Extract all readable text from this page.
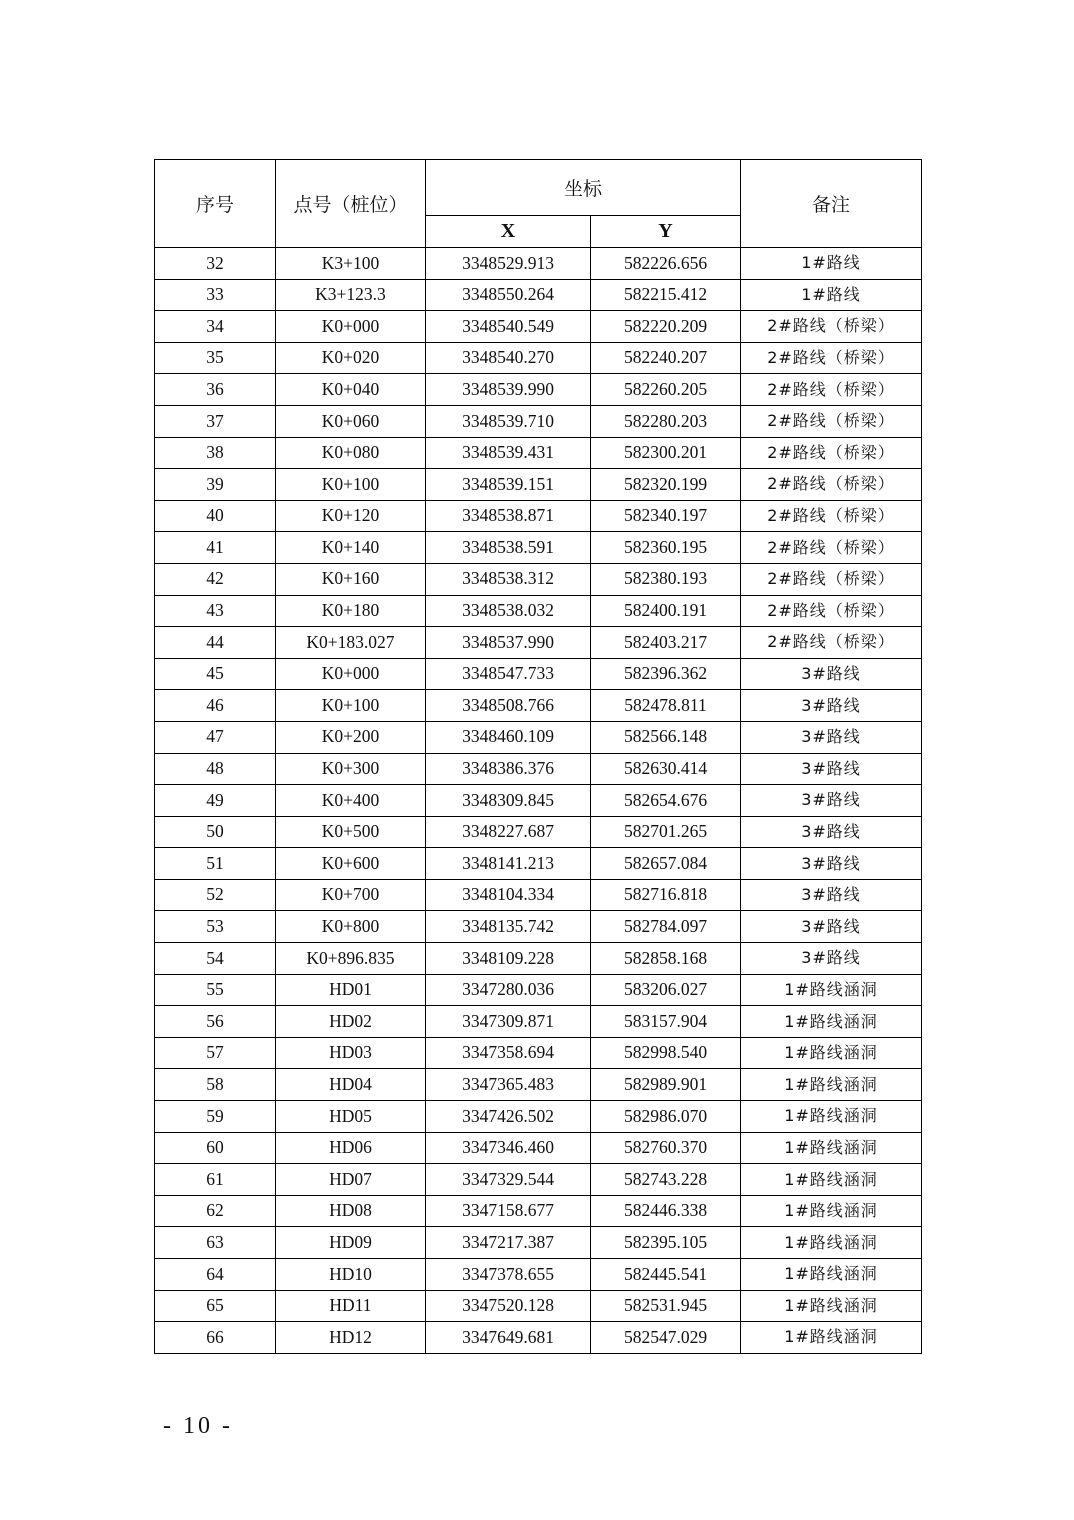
序号	点号（桩位）	坐标		备注
		X	Y	
32	K3+100	3348529.913	582226.656	1#路线
33	K3+123.3	3348550.264	582215.412	1#路线
34	K0+000	3348540.549	582220.209	2#路线（桥梁）
35	K0+020	3348540.270	582240.207	2#路线（桥梁）
36	K0+040	3348539.990	582260.205	2#路线（桥梁）
37	K0+060	3348539.710	582280.203	2#路线（桥梁）
38	K0+080	3348539.431	582300.201	2#路线（桥梁）
39	K0+100	3348539.151	582320.199	2#路线（桥梁）
40	K0+120	3348538.871	582340.197	2#路线（桥梁）
41	K0+140	3348538.591	582360.195	2#路线（桥梁）
42	K0+160	3348538.312	582380.193	2#路线（桥梁）
43	K0+180	3348538.032	582400.191	2#路线（桥梁）
44	K0+183.027	3348537.990	582403.217	2#路线（桥梁）
45	K0+000	3348547.733	582396.362	3#路线
46	K0+100	3348508.766	582478.811	3#路线
47	K0+200	3348460.109	582566.148	3#路线
48	K0+300	3348386.376	582630.414	3#路线
49	K0+400	3348309.845	582654.676	3#路线
50	K0+500	3348227.687	582701.265	3#路线
51	K0+600	3348141.213	582657.084	3#路线
52	K0+700	3348104.334	582716.818	3#路线
53	K0+800	3348135.742	582784.097	3#路线
54	K0+896.835	3348109.228	582858.168	3#路线
55	HD01	3347280.036	583206.027	1#路线涵洞
56	HD02	3347309.871	583157.904	1#路线涵洞
57	HD03	3347358.694	582998.540	1#路线涵洞
58	HD04	3347365.483	582989.901	1#路线涵洞
59	HD05	3347426.502	582986.070	1#路线涵洞
60	HD06	3347346.460	582760.370	1#路线涵洞
61	HD07	3347329.544	582743.228	1#路线涵洞
62	HD08	3347158.677	582446.338	1#路线涵洞
63	HD09	3347217.387	582395.105	1#路线涵洞
64	HD10	3347378.655	582445.541	1#路线涵洞
65	HD11	3347520.128	582531.945	1#路线涵洞
66	HD12	3347649.681	582547.029	1#路线涵洞
- 10 -
